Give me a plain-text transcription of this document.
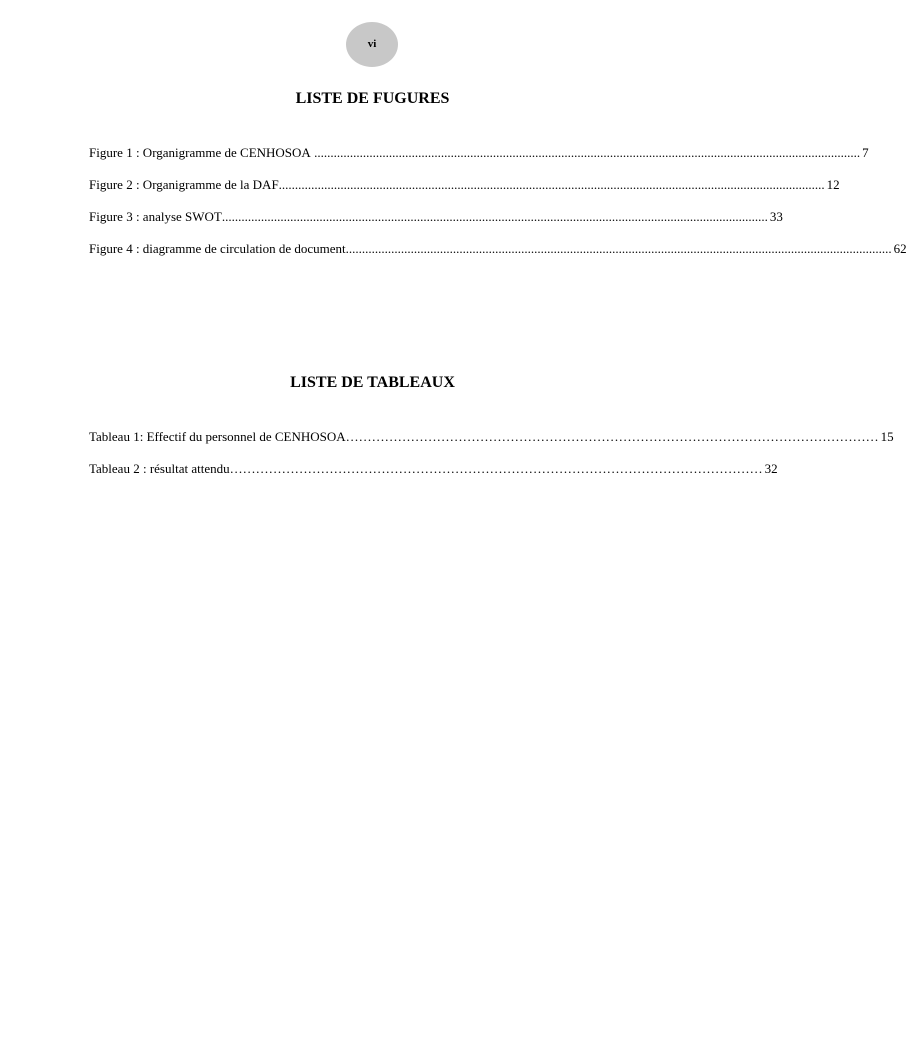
vi
LISTE DE FUGURES
Figure 1 : Organigramme de CENHOSOA ........................................................................................................................................................................ 7
Figure 2 : Organigramme de la DAF ........................................................................................................................................................................ 12
Figure 3 : analyse SWOT ........................................................................................................................................................................ 33
Figure 4 : diagramme de circulation de document ........................................................................................................................................................................ 62
LISTE DE TABLEAUX
Tableau 1: Effectif du personnel de CENHOSOA …………………………………………………………………………………………………………… 15
Tableau 2 : résultat attendu …………………………………………………………………………………………………………… 32
